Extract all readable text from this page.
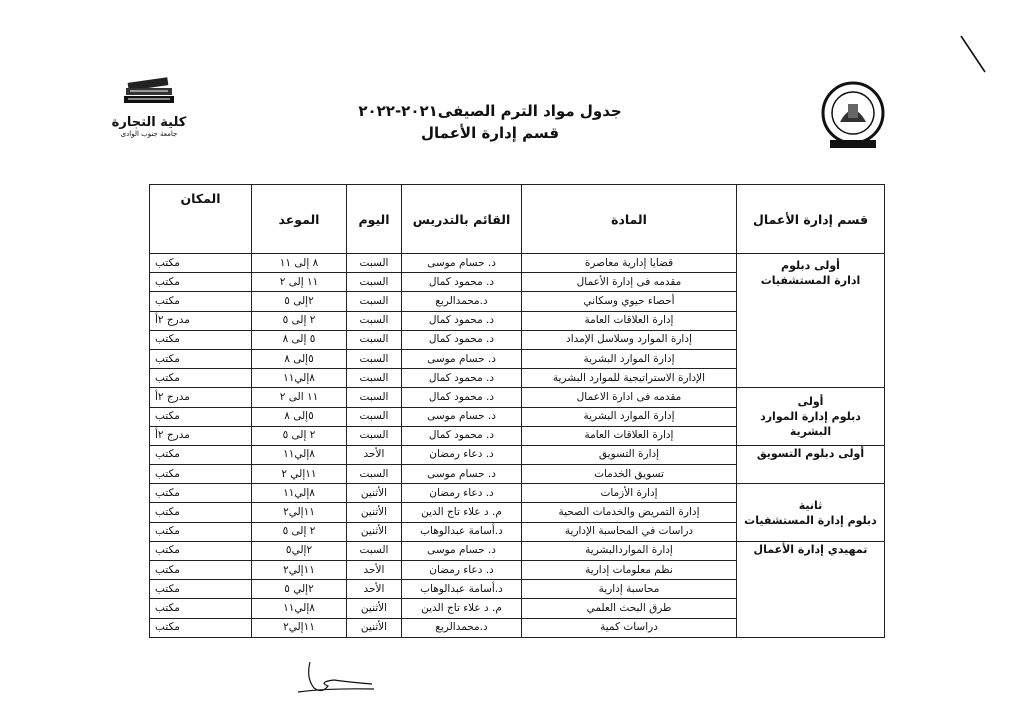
كلية التجارة
جامعة جنوب الوادى
جدول مواد الترم الصيفى٢٠٢١-٢٠٢٢
قسم إدارة الأعمال
قسم إدارة الأعمال	المادة	القائم بالتدريس	اليوم	الموعد	المكان
أولى دبلوم
ادارة المستشفيات	قضايا إدارية معاصرة	د. حسام موسى	السبت	٨ إلى ١١	مكتب
	مقدمه فى إدارة الأعمال	د. محمود كمال	السبت	١١ إلى ٢	مكتب
	أحصاء حيوي وسكاني	د.محمدالربع	السبت	٢إلى ٥	مكتب
	إدارة العلاقات العامة	د. محمود كمال	السبت	٢ إلى ٥	مدرج ٢أ
	إدارة الموارد وسلاسل الإمداد	د. محمود كمال	السبت	٥ إلى ٨	مكتب
	إدارة الموارد البشرية	د. حسام موسى	السبت	٥إلى ٨	مكتب
	الإدارة الاستراتيجية للموارد البشرية	د. محمود كمال	السبت	٨إلي١١	مكتب
أولى
دبلوم إدارة الموارد البشرية	مقدمه فى ادارة الاعمال	د. محمود كمال	السبت	١١ الى ٢	مدرج ٢أ
	إدارة الموارد البشرية	د. حسام موسى	السبت	٥إلى ٨	مكتب
	إدارة العلاقات العامة	د. محمود كمال	السبت	٢ إلى ٥	مدرج ٢أ
أولى دبلوم التسويق	إدارة التسويق	د. دعاء رمضان	الأحد	٨إلي١١	مكتب
	تسويق الخدمات	د. حسام موسى	السبت	١١إلي ٢	مكتب
ثانية
دبلوم إدارة المستشفيات	إدارة الأزمات	د. دعاء رمضان	الأثنين	٨إلي١١	مكتب
	إدارة التمريض والخدمات الصحية	م. د علاء تاج الدين	الأثنين	١١إلي٢	مكتب
	دراسات في المحاسبة الإدارية	د.أسامة عبدالوهاب	الأثنين	٢ إلى ٥	مكتب
تمهيدي إدارة الأعمال	إدارة المواردالبشرية	د. حسام موسى	السبت	٢إلي٥	مكتب
	نظم معلومات إدارية	د. دعاء رمضان	الأحد	١١إلي٢	مكتب
	محاسبة إدارية	د.أسامة عبدالوهاب	الأحد	٢إلي ٥	مكتب
	طرق البحث العلمي	م. د علاء تاج الدين	الأثنين	٨إلي١١	مكتب
	دراسات كمية	د.محمدالربع	الأثنين	١١إلي٢	مكتب
